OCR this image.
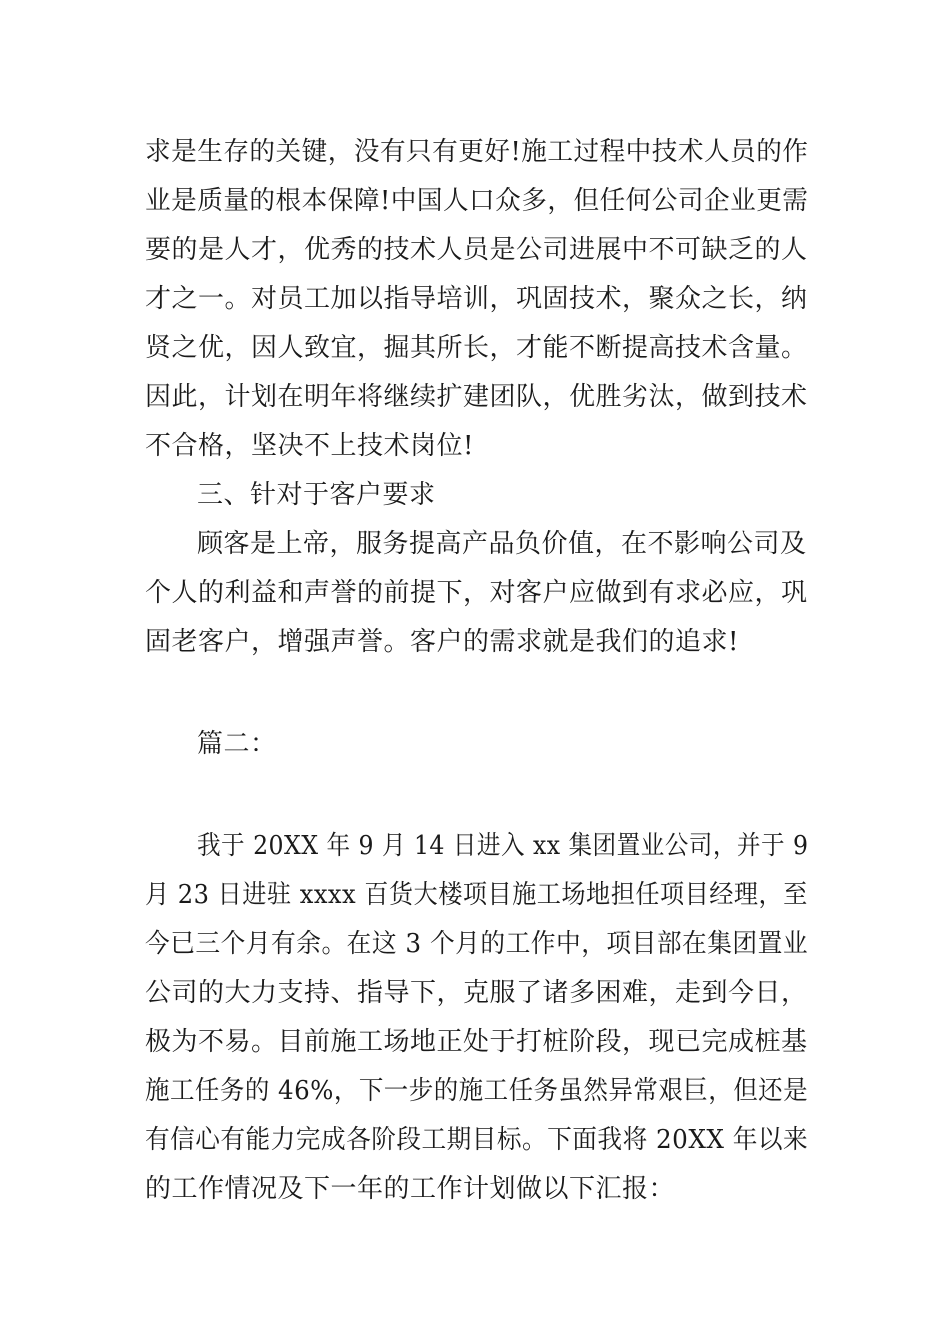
求是生存的关键，没有只有更好!施工过程中技术人员的作
业是质量的根本保障!中国人口众多，但任何公司企业更需
要的是人才，优秀的技术人员是公司进展中不可缺乏的人
才之一。对员工加以指导培训，巩固技术，聚众之长，纳
贤之优，因人致宜，掘其所长，才能不断提高技术含量。
因此，计划在明年将继续扩建团队，优胜劣汰，做到技术
不合格，坚决不上技术岗位!
三、针对于客户要求
顾客是上帝，服务提高产品负价值，在不影响公司及
个人的利益和声誉的前提下，对客户应做到有求必应，巩
固老客户，增强声誉。客户的需求就是我们的追求!
篇二：
我于 20XX 年 9 月 14 日进入 xx 集团置业公司，并于 9
月 23 日进驻 xxxx 百货大楼项目施工场地担任项目经理，至
今已三个月有余。在这 3 个月的工作中，项目部在集团置业
公司的大力支持、指导下，克服了诸多困难，走到今日，
极为不易。目前施工场地正处于打桩阶段，现已完成桩基
施工任务的 46%，下一步的施工任务虽然异常艰巨，但还是
有信心有能力完成各阶段工期目标。下面我将 20XX 年以来
的工作情况及下一年的工作计划做以下汇报：
